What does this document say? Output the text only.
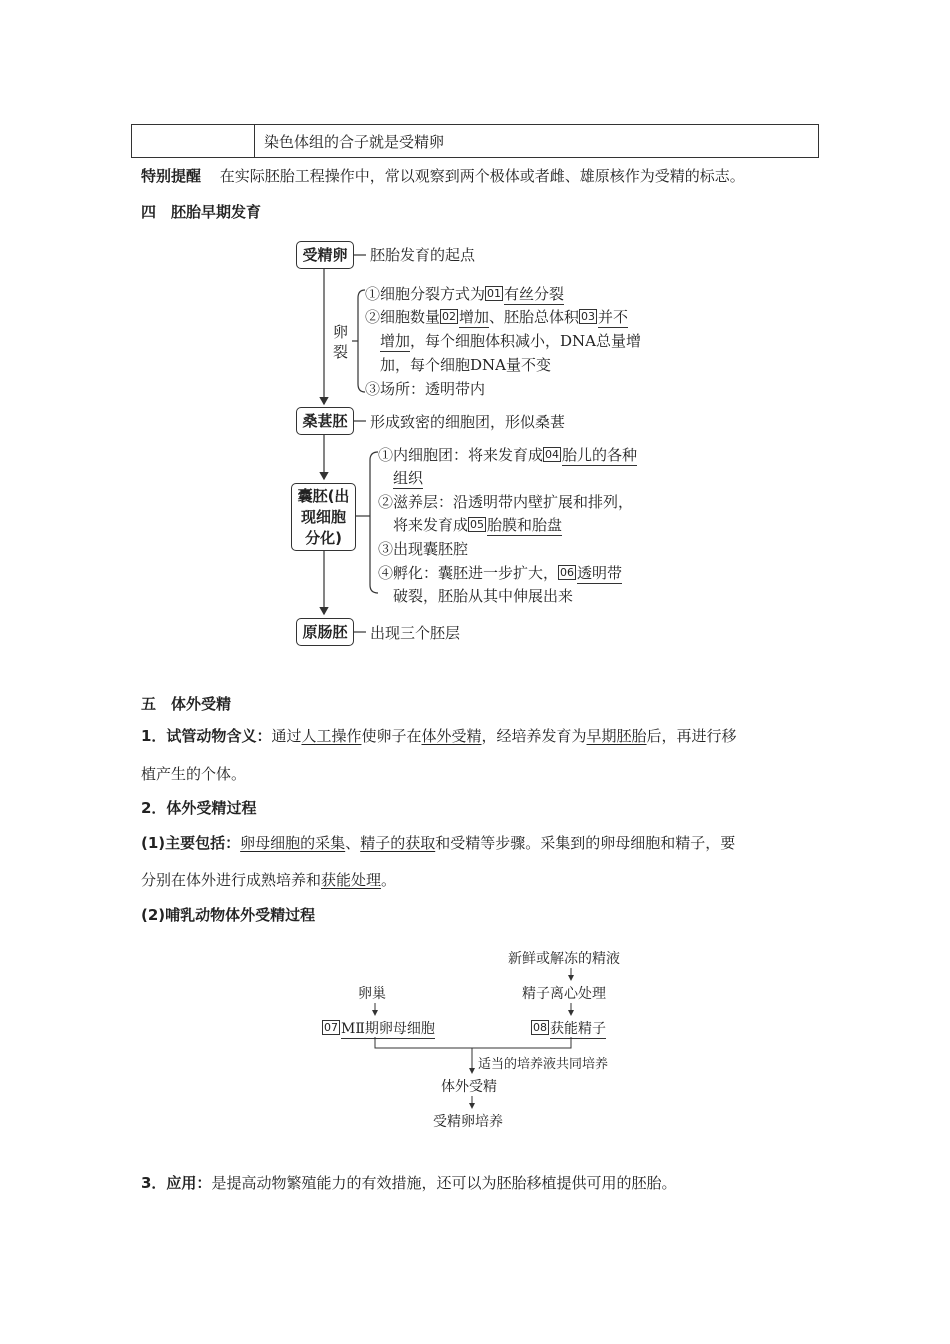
染色体组的合子就是受精卵
特别提醒 在实际胚胎工程操作中，常以观察到两个极体或者雌、雄原核作为受精的标志。
四　胚胎早期发育
受精卵	胚胎发育的起点
卵
裂
①细胞分裂方式为 01 有丝分裂
②细胞数量 02 增加、胚胎总体积 03 并不
增加，每个细胞体积减小，DNA总量增
加，每个细胞DNA量不变
③场所：透明带内
桑葚胚	形成致密的细胞团，形似桑葚
囊胚(出
现细胞
分化)
①内细胞团：将来发育成 04 胎儿的各种
组织
②滋养层：沿透明带内壁扩展和排列，
将来发育成 05 胎膜和胎盘
③出现囊胚腔
④孵化：囊胚进一步扩大， 06 透明带
破裂，胚胎从其中伸展出来
原肠胚	出现三个胚层
五　体外受精
1．试管动物含义：通过人工操作使卵子在体外受精，经培养发育为早期胚胎后，再进行移
植产生的个体。
2．体外受精过程
(1)主要包括：卵母细胞的采集、精子的获取和受精等步骤。采集到的卵母细胞和精子，要
分别在体外进行成熟培养和获能处理。
(2)哺乳动物体外受精过程
新鲜或解冻的精液
卵巢	精子离心处理
07 MⅡ期卵母细胞	08 获能精子
适当的培养液共同培养
体外受精
受精卵培养
3．应用：是提高动物繁殖能力的有效措施，还可以为胚胎移植提供可用的胚胎。
